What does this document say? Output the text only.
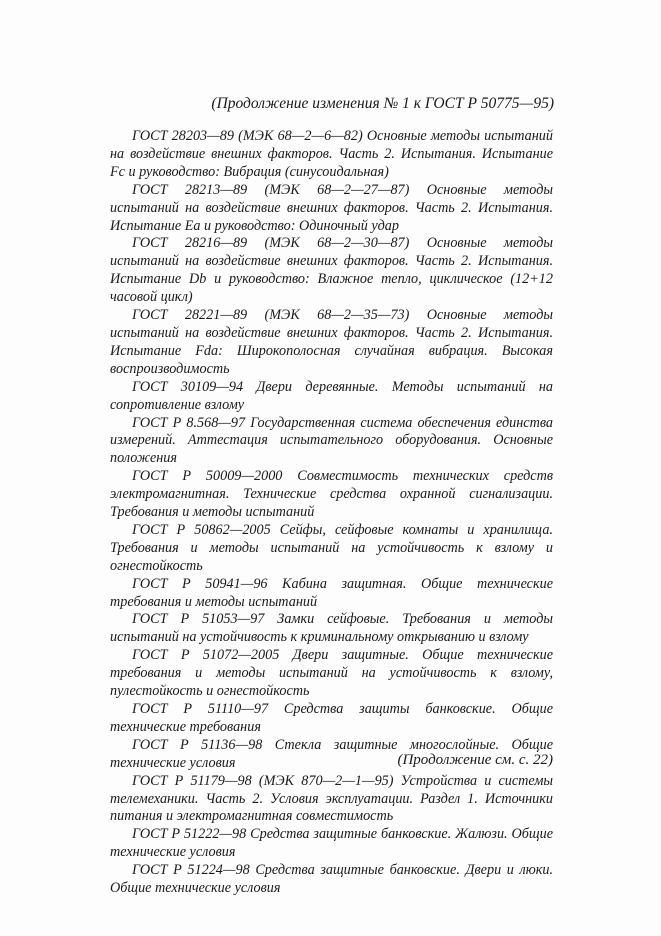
(Продолжение изменения № 1 к ГОСТ Р 50775—95)

ГОСТ 28203—89 (МЭК 68—2—6—82) Основные методы испытаний на воздействие внешних факторов. Часть 2. Испытания. Испытание Fc и руководство: Вибрация (синусоидальная)

ГОСТ 28213—89 (МЭК 68—2—27—87) Основные методы испытаний на воздействие внешних факторов. Часть 2. Испытания. Испытание Еа и руководство: Одиночный удар

ГОСТ 28216—89 (МЭК 68—2—30—87) Основные методы испытаний на воздействие внешних факторов. Часть 2. Испытания. Испытание Db и руководство: Влажное тепло, циклическое (12+12 часовой цикл)

ГОСТ 28221—89 (МЭК 68—2—35—73) Основные методы испытаний на воздействие внешних факторов. Часть 2. Испытания. Испытание Fda: Широкополосная случайная вибрация. Высокая воспроизводимость

ГОСТ 30109—94 Двери деревянные. Методы испытаний на сопротивление взлому

ГОСТ Р 8.568—97 Государственная система обеспечения единства измерений. Аттестация испытательного оборудования. Основные положения

ГОСТ Р 50009—2000 Совместимость технических средств электромагнитная. Технические средства охранной сигнализации. Требования и методы испытаний

ГОСТ Р 50862—2005 Сейфы, сейфовые комнаты и хранилища. Требования и методы испытаний на устойчивость к взлому и огнестойкость

ГОСТ Р 50941—96 Кабина защитная. Общие технические требования и методы испытаний

ГОСТ Р 51053—97 Замки сейфовые. Требования и методы испытаний на устойчивость к криминальному открыванию и взлому

ГОСТ Р 51072—2005 Двери защитные. Общие технические требования и методы испытаний на устойчивость к взлому, пулестойкость и огнестойкость

ГОСТ Р 51110—97 Средства защиты банковские. Общие технические требования

ГОСТ Р 51136—98 Стекла защитные многослойные. Общие технические условия

ГОСТ Р 51179—98 (МЭК 870—2—1—95) Устройства и системы телемеханики. Часть 2. Условия эксплуатации. Раздел 1. Источники питания и электромагнитная совместимость

ГОСТ Р 51222—98 Средства защитные банковские. Жалюзи. Общие технические условия

ГОСТ Р 51224—98 Средства защитные банковские. Двери и люки. Общие технические условия

(Продолжение см. с. 22)
